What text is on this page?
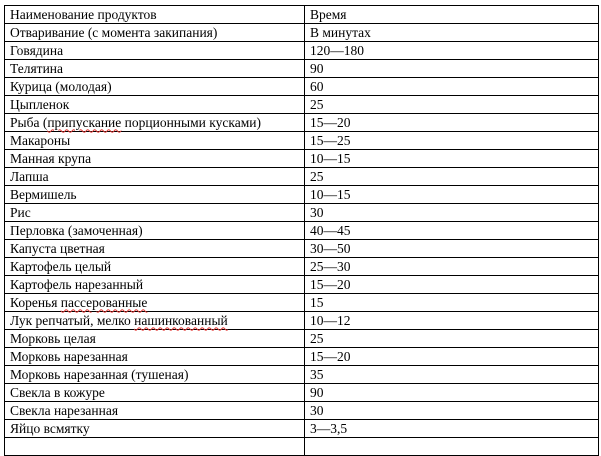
Наименование продуктов	Время
Отваривание (с момента закипания)	В минутах
Говядина	120—180
Телятина	90
Курица (молодая)	60
Цыпленок	25
Рыба (припускание порционными кусками)	15—20
Макароны	15—25
Манная крупа	10—15
Лапша	25
Вермишель	10—15
Рис	30
Перловка (замоченная)	40—45
Капуста цветная	30—50
Картофель целый	25—30
Картофель нарезанный	15—20
Коренья пассерованные	15
Лук репчатый, мелко нашинкованный	10—12
Морковь целая	25
Морковь нарезанная	15—20
Морковь нарезанная (тушеная)	35
Свекла в кожуре	90
Свекла нарезанная	30
Яйцо всмятку	3—3,5
